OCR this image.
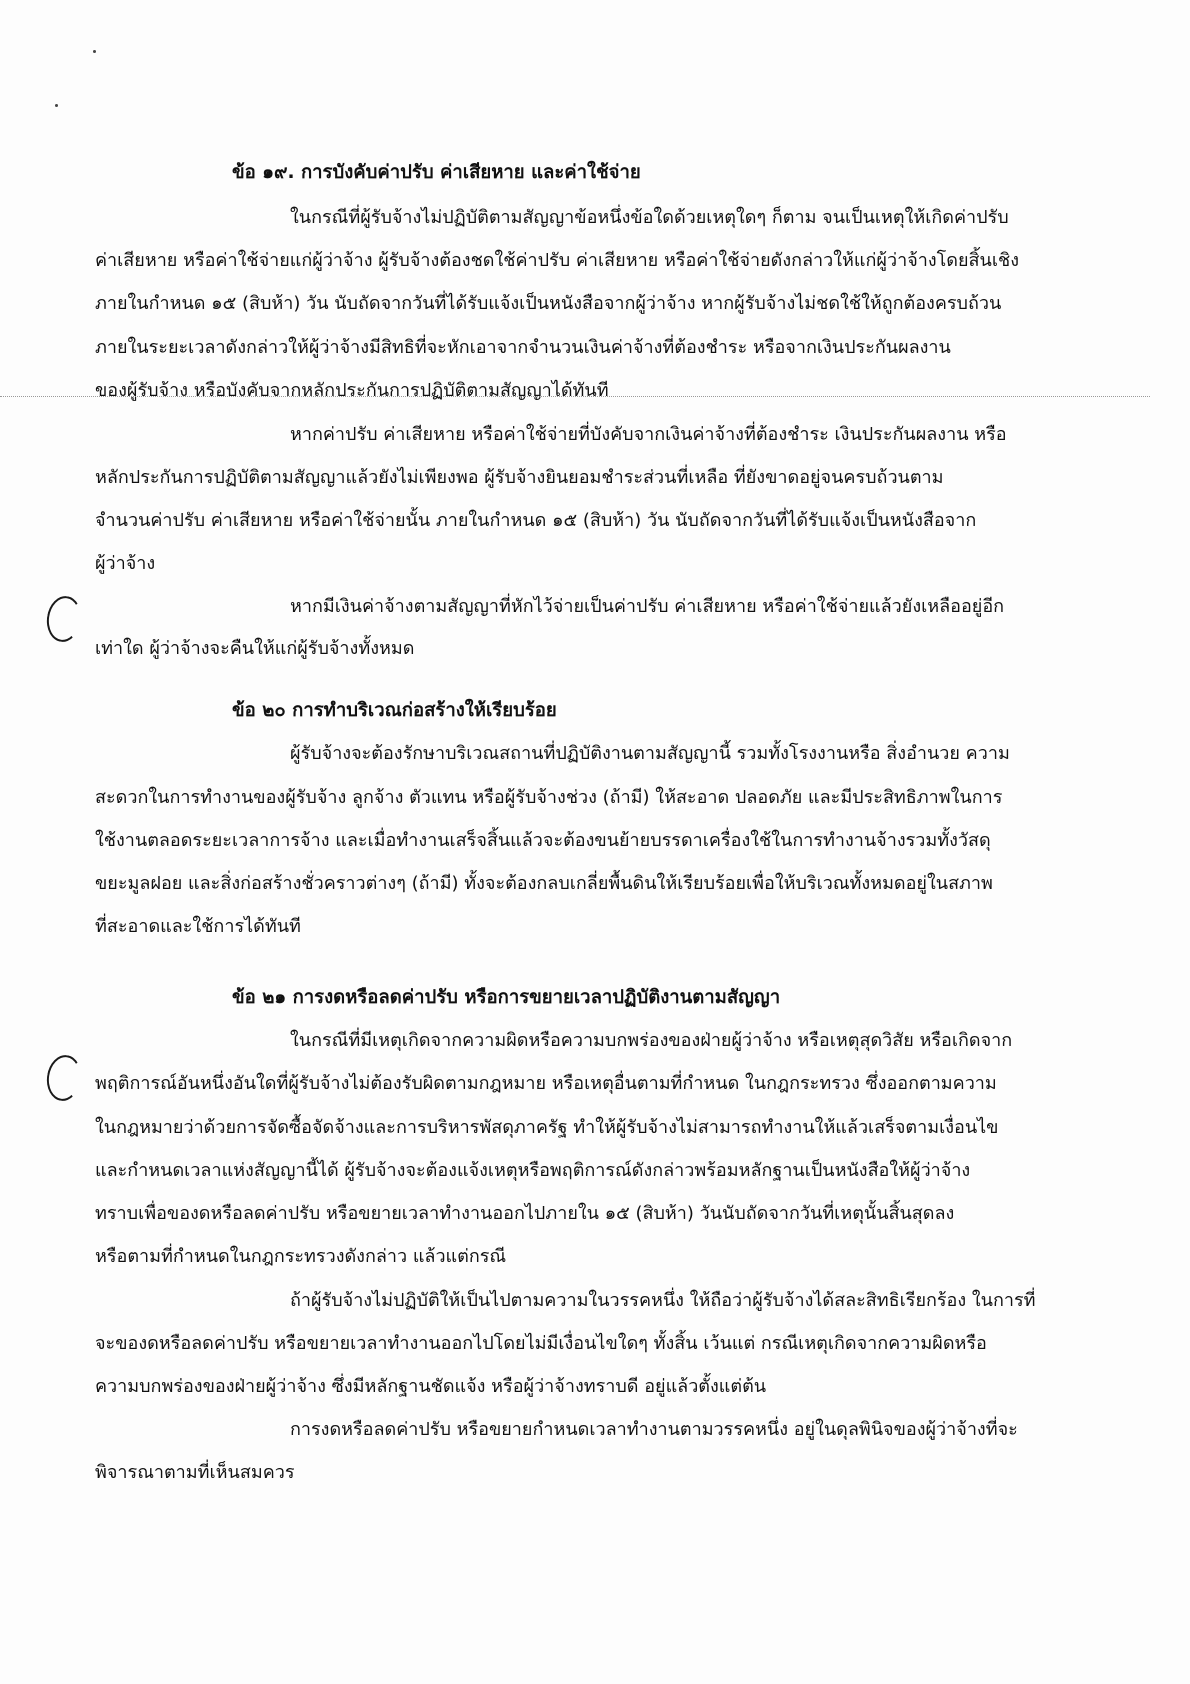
ข้อ ๑๙. การบังคับค่าปรับ ค่าเสียหาย และค่าใช้จ่าย
ในกรณีที่ผู้รับจ้างไม่ปฏิบัติตามสัญญาข้อหนึ่งข้อใดด้วยเหตุใดๆ ก็ตาม จนเป็นเหตุให้เกิดค่าปรับ
ค่าเสียหาย หรือค่าใช้จ่ายแก่ผู้ว่าจ้าง ผู้รับจ้างต้องชดใช้ค่าปรับ ค่าเสียหาย หรือค่าใช้จ่ายดังกล่าวให้แก่ผู้ว่าจ้างโดยสิ้นเชิง
ภายในกำหนด ๑๕ (สิบห้า) วัน นับถัดจากวันที่ได้รับแจ้งเป็นหนังสือจากผู้ว่าจ้าง หากผู้รับจ้างไม่ชดใช้ให้ถูกต้องครบถ้วน
ภายในระยะเวลาดังกล่าวให้ผู้ว่าจ้างมีสิทธิที่จะหักเอาจากจำนวนเงินค่าจ้างที่ต้องชำระ หรือจากเงินประกันผลงาน
ของผู้รับจ้าง หรือบังคับจากหลักประกันการปฏิบัติตามสัญญาได้ทันที
หากค่าปรับ ค่าเสียหาย หรือค่าใช้จ่ายที่บังคับจากเงินค่าจ้างที่ต้องชำระ เงินประกันผลงาน หรือ
หลักประกันการปฏิบัติตามสัญญาแล้วยังไม่เพียงพอ ผู้รับจ้างยินยอมชำระส่วนที่เหลือ ที่ยังขาดอยู่จนครบถ้วนตาม
จำนวนค่าปรับ ค่าเสียหาย หรือค่าใช้จ่ายนั้น ภายในกำหนด ๑๕ (สิบห้า) วัน นับถัดจากวันที่ได้รับแจ้งเป็นหนังสือจาก
ผู้ว่าจ้าง
หากมีเงินค่าจ้างตามสัญญาที่หักไว้จ่ายเป็นค่าปรับ ค่าเสียหาย หรือค่าใช้จ่ายแล้วยังเหลืออยู่อีก
เท่าใด ผู้ว่าจ้างจะคืนให้แก่ผู้รับจ้างทั้งหมด
ข้อ ๒๐ การทำบริเวณก่อสร้างให้เรียบร้อย
ผู้รับจ้างจะต้องรักษาบริเวณสถานที่ปฏิบัติงานตามสัญญานี้ รวมทั้งโรงงานหรือ สิ่งอำนวย ความ
สะดวกในการทำงานของผู้รับจ้าง ลูกจ้าง ตัวแทน หรือผู้รับจ้างช่วง (ถ้ามี) ให้สะอาด ปลอดภัย และมีประสิทธิภาพในการ
ใช้งานตลอดระยะเวลาการจ้าง และเมื่อทำงานเสร็จสิ้นแล้วจะต้องขนย้ายบรรดาเครื่องใช้ในการทำงานจ้างรวมทั้งวัสดุ
ขยะมูลฝอย และสิ่งก่อสร้างชั่วคราวต่างๆ (ถ้ามี) ทั้งจะต้องกลบเกลี่ยพื้นดินให้เรียบร้อยเพื่อให้บริเวณทั้งหมดอยู่ในสภาพ
ที่สะอาดและใช้การได้ทันที
ข้อ ๒๑ การงดหรือลดค่าปรับ หรือการขยายเวลาปฏิบัติงานตามสัญญา
ในกรณีที่มีเหตุเกิดจากความผิดหรือความบกพร่องของฝ่ายผู้ว่าจ้าง หรือเหตุสุดวิสัย หรือเกิดจาก
พฤติการณ์อันหนึ่งอันใดที่ผู้รับจ้างไม่ต้องรับผิดตามกฎหมาย หรือเหตุอื่นตามที่กำหนด ในกฎกระทรวง ซึ่งออกตามความ
ในกฎหมายว่าด้วยการจัดซื้อจัดจ้างและการบริหารพัสดุภาครัฐ ทำให้ผู้รับจ้างไม่สามารถทำงานให้แล้วเสร็จตามเงื่อนไข
และกำหนดเวลาแห่งสัญญานี้ได้ ผู้รับจ้างจะต้องแจ้งเหตุหรือพฤติการณ์ดังกล่าวพร้อมหลักฐานเป็นหนังสือให้ผู้ว่าจ้าง
ทราบเพื่อของดหรือลดค่าปรับ หรือขยายเวลาทำงานออกไปภายใน ๑๕ (สิบห้า) วันนับถัดจากวันที่เหตุนั้นสิ้นสุดลง
หรือตามที่กำหนดในกฎกระทรวงดังกล่าว แล้วแต่กรณี
ถ้าผู้รับจ้างไม่ปฏิบัติให้เป็นไปตามความในวรรคหนึ่ง ให้ถือว่าผู้รับจ้างได้สละสิทธิเรียกร้อง ในการที่
จะของดหรือลดค่าปรับ หรือขยายเวลาทำงานออกไปโดยไม่มีเงื่อนไขใดๆ ทั้งสิ้น เว้นแต่ กรณีเหตุเกิดจากความผิดหรือ
ความบกพร่องของฝ่ายผู้ว่าจ้าง ซึ่งมีหลักฐานชัดแจ้ง หรือผู้ว่าจ้างทราบดี อยู่แล้วตั้งแต่ต้น
การงดหรือลดค่าปรับ หรือขยายกำหนดเวลาทำงานตามวรรคหนึ่ง อยู่ในดุลพินิจของผู้ว่าจ้างที่จะ
พิจารณาตามที่เห็นสมควร
